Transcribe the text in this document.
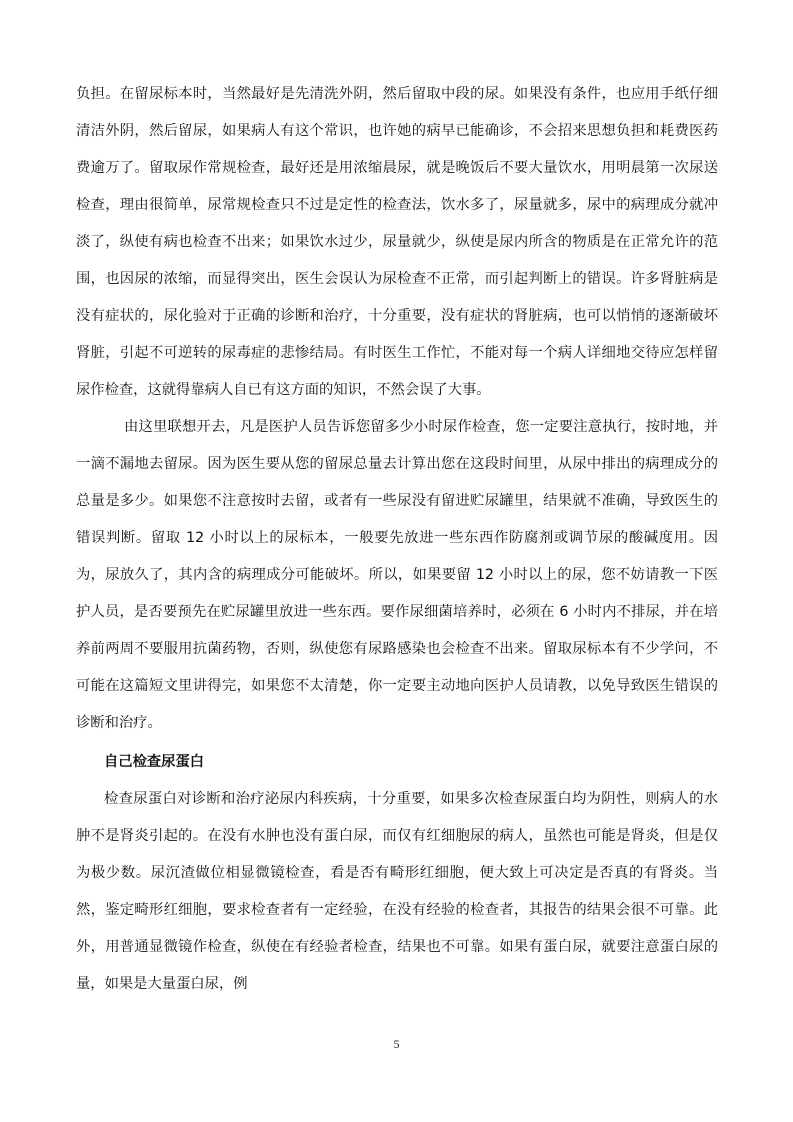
负担。在留尿标本时，当然最好是先清洗外阴，然后留取中段的尿。如果没有条件，也应用手纸仔细清洁外阴，然后留尿，如果病人有这个常识，也许她的病早已能确诊，不会招来思想负担和耗费医药费逾万了。留取尿作常规检查，最好还是用浓缩晨尿，就是晚饭后不要大量饮水，用明晨第一次尿送检查，理由很简单，尿常规检查只不过是定性的检查法，饮水多了，尿量就多，尿中的病理成分就冲淡了，纵使有病也检查不出来；如果饮水过少，尿量就少，纵使是尿内所含的物质是在正常允许的范围，也因尿的浓缩，而显得突出，医生会误认为尿检查不正常，而引起判断上的错误。许多肾脏病是没有症状的，尿化验对于正确的诊断和治疗，十分重要，没有症状的肾脏病，也可以悄悄的逐渐破坏肾脏，引起不可逆转的尿毒症的悲惨结局。有时医生工作忙，不能对每一个病人详细地交待应怎样留尿作检查，这就得靠病人自已有这方面的知识，不然会误了大事。

由这里联想开去，凡是医护人员告诉您留多少小时尿作检查，您一定要注意执行，按时地，并一滴不漏地去留尿。因为医生要从您的留尿总量去计算出您在这段时间里，从尿中排出的病理成分的总量是多少。如果您不注意按时去留，或者有一些尿没有留进贮尿罐里，结果就不准确，导致医生的错误判断。留取 12 小时以上的尿标本，一般要先放进一些东西作防腐剂或调节尿的酸碱度用。因为，尿放久了，其内含的病理成分可能破坏。所以，如果要留 12 小时以上的尿，您不妨请教一下医护人员，是否要预先在贮尿罐里放进一些东西。要作尿细菌培养时，必须在 6 小时内不排尿，并在培养前两周不要服用抗菌药物，否则，纵使您有尿路感染也会检查不出来。留取尿标本有不少学问，不可能在这篇短文里讲得完，如果您不太清楚，你一定要主动地向医护人员请教，以免导致医生错误的诊断和治疗。

自己检查尿蛋白

检查尿蛋白对诊断和治疗泌尿内科疾病，十分重要，如果多次检查尿蛋白均为阴性，则病人的水肿不是肾炎引起的。在没有水肿也没有蛋白尿，而仅有红细胞尿的病人，虽然也可能是肾炎，但是仅为极少数。尿沉渣做位相显微镜检查，看是否有畸形红细胞，便大致上可决定是否真的有肾炎。当然，鉴定畸形红细胞，要求检查者有一定经验，在没有经验的检查者，其报告的结果会很不可靠。此外，用普通显微镜作检查，纵使在有经验者检查，结果也不可靠。如果有蛋白尿，就要注意蛋白尿的量，如果是大量蛋白尿，例

5
